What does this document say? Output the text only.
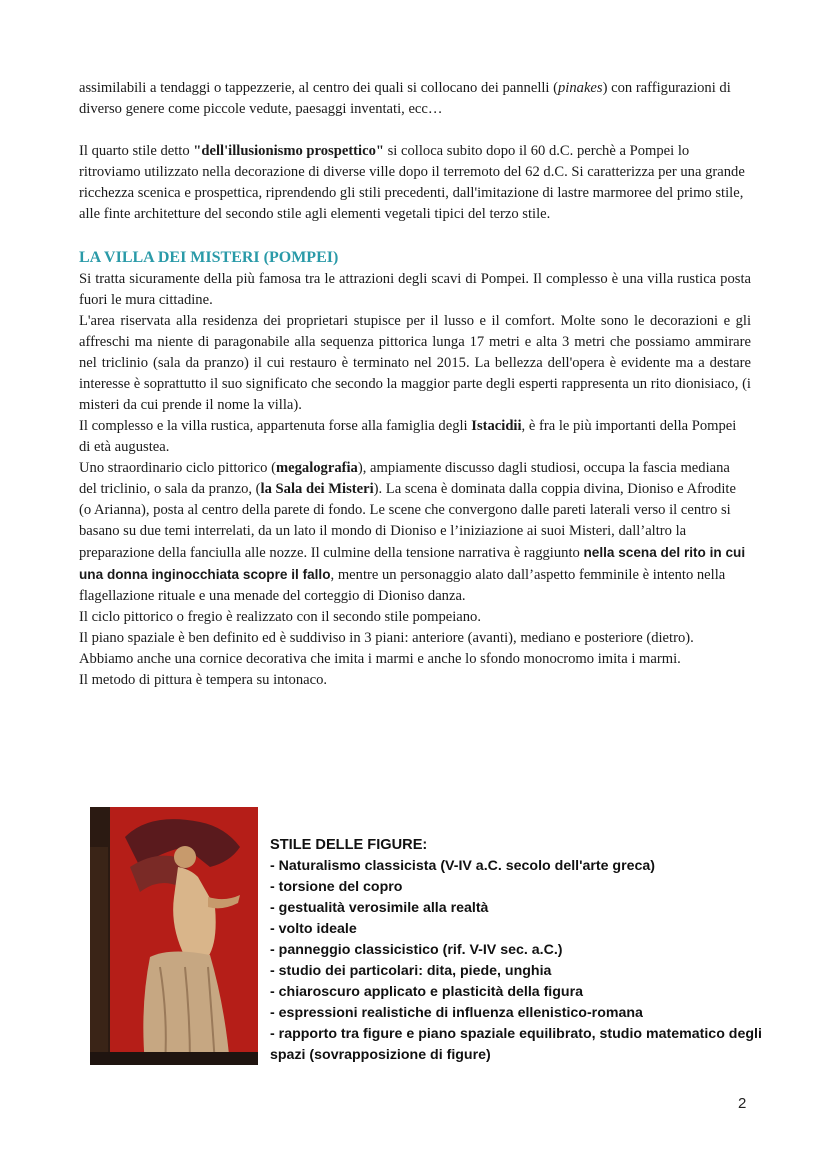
assimilabili a tendaggi o tappezzerie, al centro dei quali si collocano dei pannelli (pinakes) con raffigurazioni di diverso genere come piccole vedute, paesaggi inventati, ecc…

Il quarto stile detto "dell'illusionismo prospettico" si colloca subito dopo il 60 d.C. perchè a Pompei lo ritroviamo utilizzato nella decorazione di diverse ville dopo il terremoto del 62 d.C. Si caratterizza per una grande ricchezza scenica e prospettica, riprendendo gli stili precedenti, dall'imitazione di lastre marmoree del primo stile, alle finte architetture del secondo stile agli elementi vegetali tipici del terzo stile.

LA VILLA DEI MISTERI (POMPEI)

Si tratta sicuramente della più famosa tra le attrazioni degli scavi di Pompei. Il complesso è una villa rustica posta fuori le mura cittadine.

L'area riservata alla residenza dei proprietari stupisce per il lusso e il comfort. Molte sono le decorazioni e gli affreschi ma niente di paragonabile alla sequenza pittorica lunga 17 metri e alta 3 metri che possiamo ammirare nel triclinio (sala da pranzo) il cui restauro è terminato nel 2015. La bellezza dell'opera è evidente ma a destare interesse è soprattutto il suo significato che secondo la maggior parte degli esperti rappresenta un rito dionisiaco, (i misteri da cui prende il nome la villa).

Il complesso e la villa rustica, appartenuta forse alla famiglia degli Istacidii, è fra le più importanti della Pompei di età augustea.

Uno straordinario ciclo pittorico (megalografia), ampiamente discusso dagli studiosi, occupa la fascia mediana del triclinio, o sala da pranzo, (la Sala dei Misteri). La scena è dominata dalla coppia divina, Dioniso e Afrodite (o Arianna), posta al centro della parete di fondo. Le scene che convergono dalle pareti laterali verso il centro si basano su due temi interrelati, da un lato il mondo di Dioniso e l’iniziazione ai suoi Misteri, dall’altro la preparazione della fanciulla alle nozze. Il culmine della tensione narrativa è raggiunto nella scena del rito in cui una donna inginocchiata scopre il fallo, mentre un personaggio alato dall’aspetto femminile è intento nella flagellazione rituale e una menade del corteggio di Dioniso danza.

Il ciclo pittorico o fregio è realizzato con il secondo stile pompeiano.

Il piano spaziale è ben definito ed è suddiviso in 3 piani: anteriore (avanti), mediano e posteriore (dietro).

Abbiamo anche una cornice decorativa che imita i marmi e anche lo sfondo monocromo imita i marmi.

Il metodo di pittura è tempera su intonaco.

STILE DELLE FIGURE:

- Naturalismo classicista (V-IV a.C. secolo dell'arte greca)
- torsione del copro
- gestualità verosimile alla realtà
- volto ideale
- panneggio classicistico (rif. V-IV sec. a.C.)
- studio dei particolari: dita, piede, unghia
- chiaroscuro applicato e plasticità della figura
- espressioni realistiche di influenza ellenistico-romana
- rapporto tra figure e piano spaziale equilibrato, studio matematico degli spazi (sovrapposizione di figure)
2
